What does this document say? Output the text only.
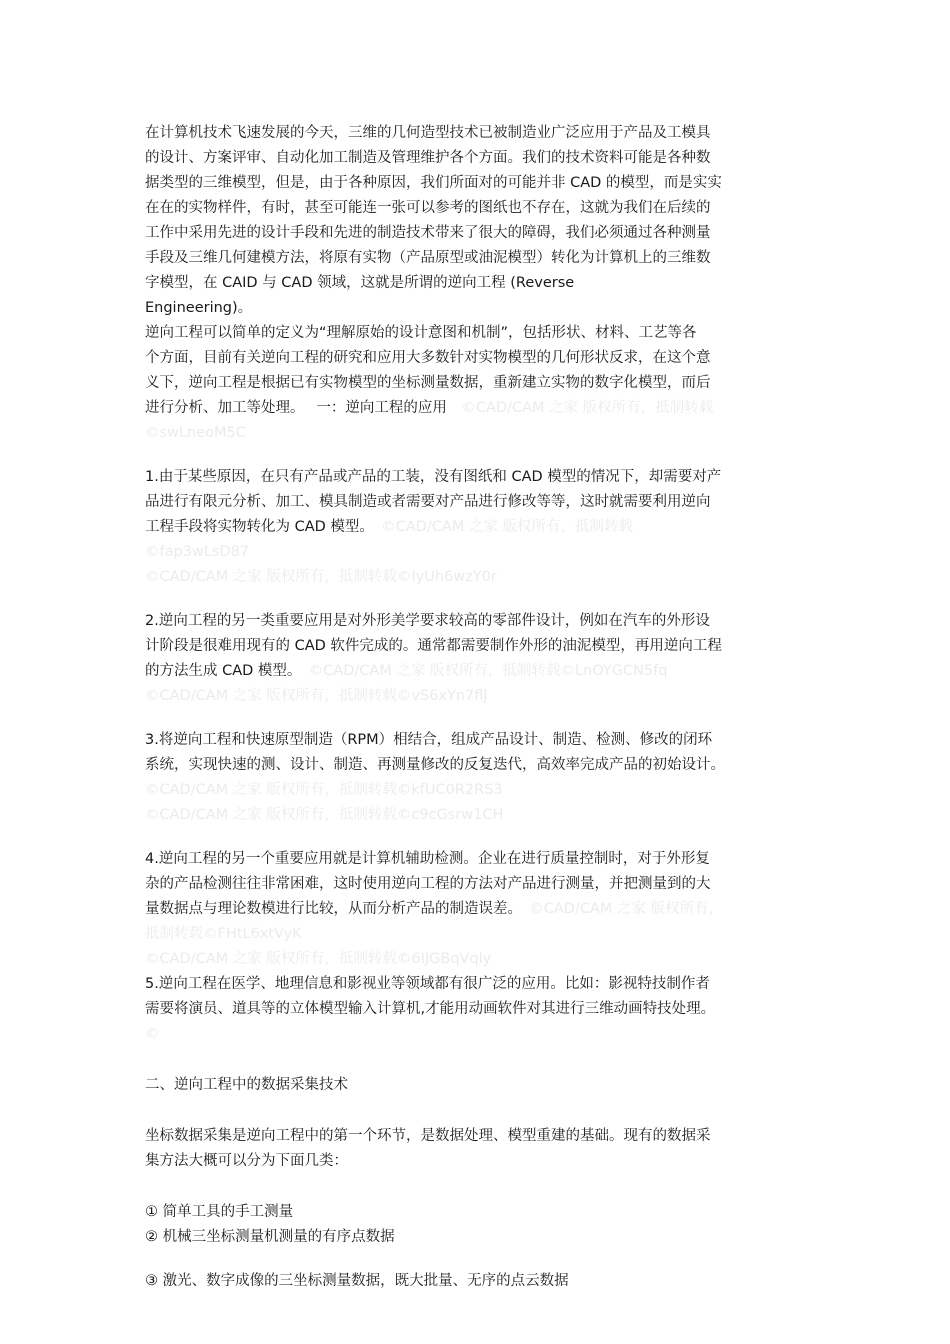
在计算机技术飞速发展的今天，三维的几何造型技术已被制造业广泛应用于产品及工模具
的设计、方案评审、自动化加工制造及管理维护各个方面。我们的技术资料可能是各种数
据类型的三维模型，但是，由于各种原因，我们所面对的可能并非 CAD 的模型，而是实实
在在的实物样件，有时，甚至可能连一张可以参考的图纸也不存在，这就为我们在后续的
工作中采用先进的设计手段和先进的制造技术带来了很大的障碍，我们必须通过各种测量
手段及三维几何建模方法，将原有实物（产品原型或油泥模型）转化为计算机上的三维数
字模型，在 CAID 与 CAD 领域，这就是所谓的逆向工程 (Reverse
Engineering)。
逆向工程可以简单的定义为“理解原始的设计意图和机制”，包括形状、材料、工艺等各
个方面，目前有关逆向工程的研究和应用大多数针对实物模型的几何形状反求，在这个意
义下，逆向工程是根据已有实物模型的坐标测量数据，重新建立实物的数字化模型，而后
进行分析、加工等处理。　 一：逆向工程的应用　©CAD/CAM 之家 版权所有，抵制转载
©swLneoM5C
1.由于某些原因，在只有产品或产品的工装，没有图纸和 CAD 模型的情况下，却需要对产
品进行有限元分析、加工、模具制造或者需要对产品进行修改等等，这时就需要利用逆向
工程手段将实物转化为 CAD 模型。　©CAD/CAM 之家 版权所有，抵制转载
©fap3wLsD87
©CAD/CAM 之家 版权所有，抵制转载©IyUh6wzY0r
2.逆向工程的另一类重要应用是对外形美学要求较高的零部件设计，例如在汽车的外形设
计阶段是很难用现有的 CAD 软件完成的。通常都需要制作外形的油泥模型，再用逆向工程
的方法生成 CAD 模型。　©CAD/CAM 之家 版权所有，抵制转载©LnOYGCN5fq
©CAD/CAM 之家 版权所有，抵制转载©vS6xYn7flJ
3.将逆向工程和快速原型制造（RPM）相结合，组成产品设计、制造、检测、修改的闭环
系统，实现快速的测、设计、制造、再测量修改的反复迭代，高效率完成产品的初始设计。
©CAD/CAM 之家 版权所有，抵制转载©kfUC0R2RS3
©CAD/CAM 之家 版权所有，抵制转载©c9cGsrw1CH
4.逆向工程的另一个重要应用就是计算机辅助检测。企业在进行质量控制时，对于外形复
杂的产品检测往往非常困难，这时使用逆向工程的方法对产品进行测量，并把测量到的大
量数据点与理论数模进行比较，从而分析产品的制造误差。　©CAD/CAM 之家 版权所有，
抵制转载©FHtL6xtVyK
©CAD/CAM 之家 版权所有，抵制转载©6IJGBqVqly
5.逆向工程在医学、地理信息和影视业等领域都有很广泛的应用。比如：影视特技制作者
需要将演员、道具等的立体模型输入计算机,才能用动画软件对其进行三维动画特技处理。
©
二、逆向工程中的数据采集技术
坐标数据采集是逆向工程中的第一个环节，是数据处理、模型重建的基础。现有的数据采
集方法大概可以分为下面几类：
① 简单工具的手工测量
② 机械三坐标测量机测量的有序点数据
③ 激光、数字成像的三坐标测量数据，既大批量、无序的点云数据
